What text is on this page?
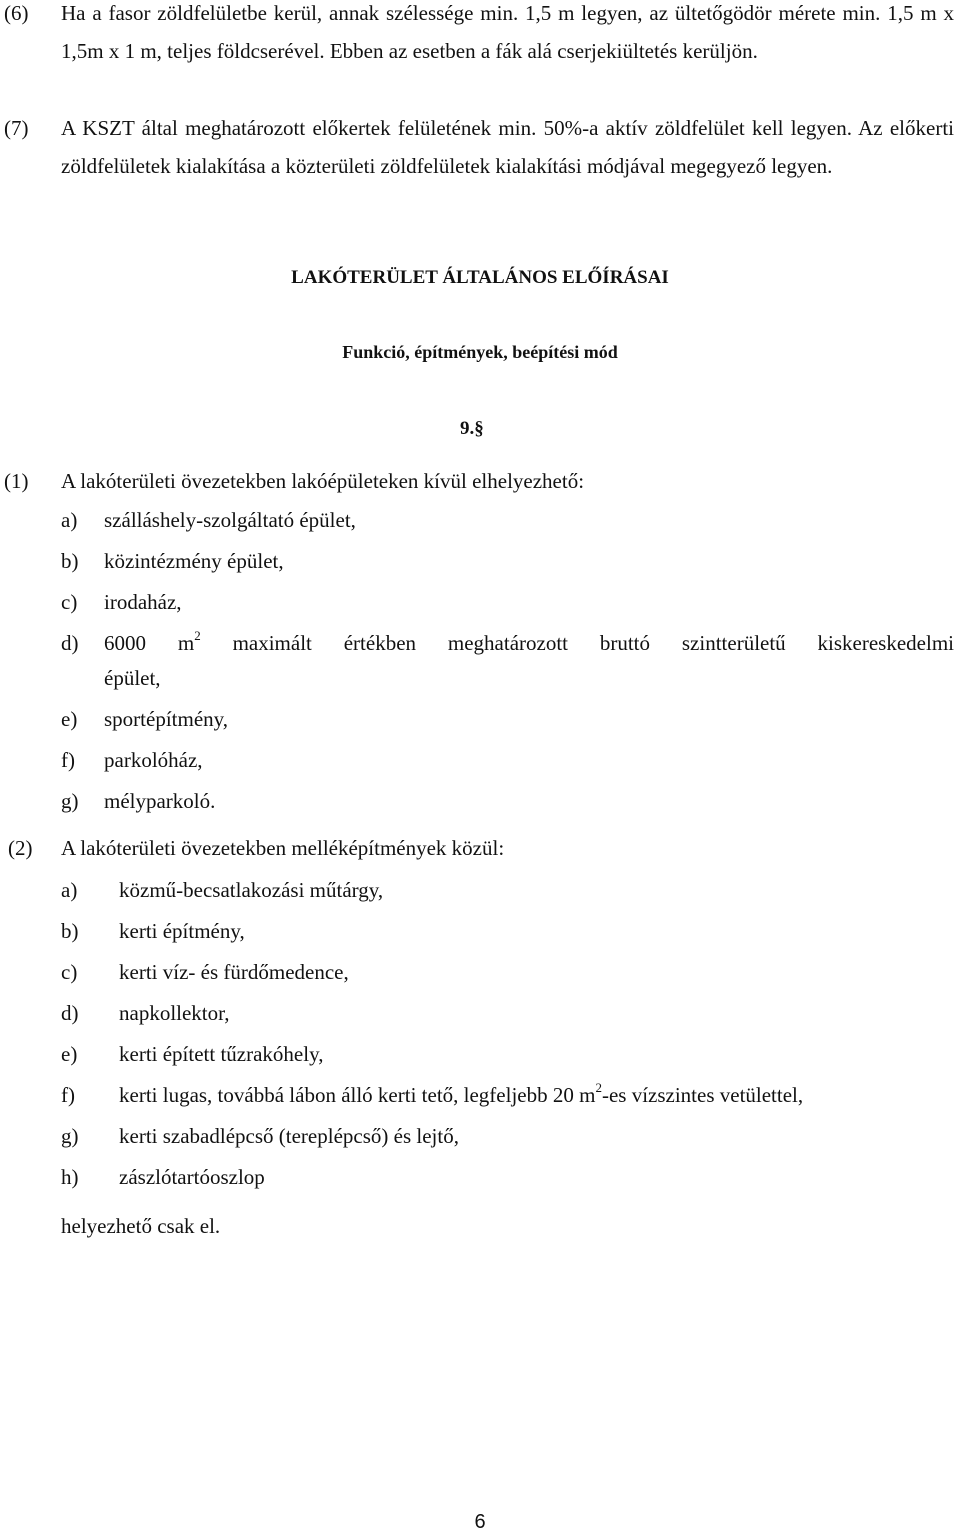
(6) Ha a fasor zöldfelületbe kerül, annak szélessége min. 1,5 m legyen, az ültetőgödör mérete min. 1,5 m x 1,5m x 1 m, teljes földcserével. Ebben az esetben a fák alá cserjekiültetés kerüljön.
(7) A KSZT által meghatározott előkertek felületének min. 50%-a aktív zöldfelület kell legyen. Az előkerti zöldfelületek kialakítása a közterületi zöldfelületek kialakítási módjával megegyező legyen.
LAKÓTERÜLET ÁLTALÁNOS ELŐÍRÁSAI
Funkció, építmények, beépítési mód
9.§
(1) A lakóterületi övezetekben lakóépületeken kívül elhelyezhető:
a) szálláshely-szolgáltató épület,
b) közintézmény épület,
c) irodaház,
d) 6000 $m^2$ maximált értékben meghatározott bruttó szintterületű kiskereskedelmi
épület,
e) sportépítmény,
f) parkolóház,
g) mélyparkoló.
(2) A lakóterületi övezetekben melléképítmények közül:
a) közmű-becsatlakozási műtárgy,
b) kerti építmény,
c) kerti víz- és fürdőmedence,
d) napkollektor,
e) kerti épített tűzrakóhely,
f) kerti lugas, továbbá lábon álló kerti tető, legfeljebb 20 $m^2-es$ vízszintes vetülettel,
g) kerti szabadlépcső (tereplépcső) és lejtő,
h) zászlótartóoszlop
helyezhető csak el.
6
